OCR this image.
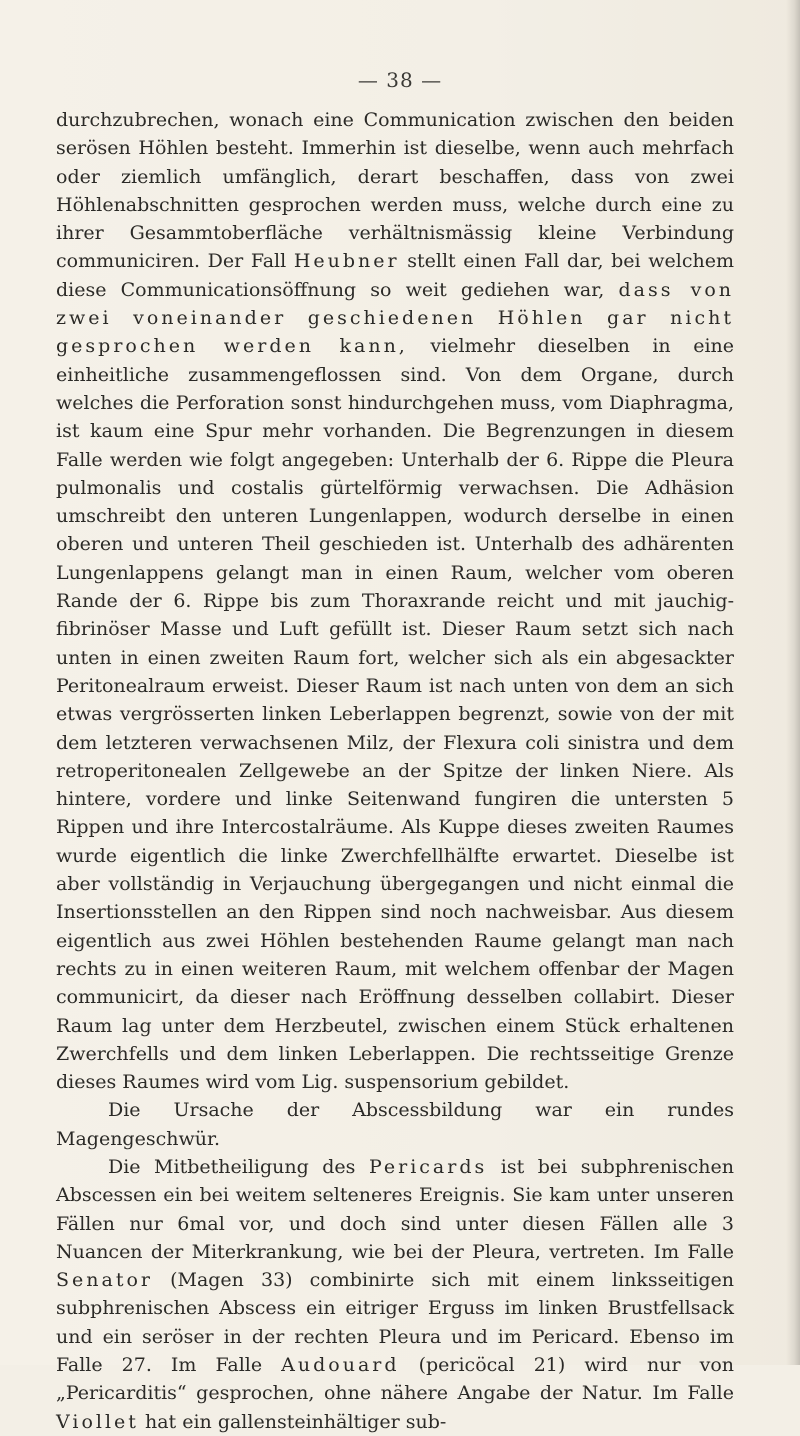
— 38 —

durchzubrechen, wonach eine Communication zwischen den beiden serösen Höhlen besteht. Immerhin ist dieselbe, wenn auch mehrfach oder ziemlich umfänglich, derart beschaffen, dass von zwei Höhlenabschnitten gesprochen werden muss, welche durch eine zu ihrer Gesammtoberfläche verhältnismässig kleine Verbindung communiciren. Der Fall Heubner stellt einen Fall dar, bei welchem diese Communicationsöffnung so weit gediehen war, dass von zwei voneinander geschiedenen Höhlen gar nicht gesprochen werden kann, vielmehr dieselben in eine einheitliche zusammengeflossen sind. Von dem Organe, durch welches die Perforation sonst hindurchgehen muss, vom Diaphragma, ist kaum eine Spur mehr vorhanden. Die Begrenzungen in diesem Falle werden wie folgt angegeben: Unterhalb der 6. Rippe die Pleura pulmonalis und costalis gürtelförmig verwachsen. Die Adhäsion umschreibt den unteren Lungenlappen, wodurch derselbe in einen oberen und unteren Theil geschieden ist. Unterhalb des adhärenten Lungenlappens gelangt man in einen Raum, welcher vom oberen Rande der 6. Rippe bis zum Thoraxrande reicht und mit jauchig-fibrinöser Masse und Luft gefüllt ist. Dieser Raum setzt sich nach unten in einen zweiten Raum fort, welcher sich als ein abgesackter Peritonealraum erweist. Dieser Raum ist nach unten von dem an sich etwas vergrösserten linken Leberlappen begrenzt, sowie von der mit dem letzteren verwachsenen Milz, der Flexura coli sinistra und dem retroperitonealen Zellgewebe an der Spitze der linken Niere. Als hintere, vordere und linke Seitenwand fungiren die untersten 5 Rippen und ihre Intercostalräume. Als Kuppe dieses zweiten Raumes wurde eigentlich die linke Zwerchfellhälfte erwartet. Dieselbe ist aber vollständig in Verjauchung übergegangen und nicht einmal die Insertionsstellen an den Rippen sind noch nachweisbar. Aus diesem eigentlich aus zwei Höhlen bestehenden Raume gelangt man nach rechts zu in einen weiteren Raum, mit welchem offenbar der Magen communicirt, da dieser nach Eröffnung desselben collabirt. Dieser Raum lag unter dem Herzbeutel, zwischen einem Stück erhaltenen Zwerchfells und dem linken Leberlappen. Die rechtsseitige Grenze dieses Raumes wird vom Lig. suspensorium gebildet.

Die Ursache der Abscessbildung war ein rundes Magengeschwür.

Die Mitbetheiligung des Pericards ist bei subphrenischen Abscessen ein bei weitem selteneres Ereignis. Sie kam unter unseren Fällen nur 6mal vor, und doch sind unter diesen Fällen alle 3 Nuancen der Miterkrankung, wie bei der Pleura, vertreten. Im Falle Senator (Magen 33) combinirte sich mit einem linksseitigen subphrenischen Abscess ein eitriger Erguss im linken Brustfellsack und ein seröser in der rechten Pleura und im Pericard. Ebenso im Falle 27. Im Falle Audouard (pericöcal 21) wird nur von „Pericarditis“ gesprochen, ohne nähere Angabe der Natur. Im Falle Viollet hat ein gallensteinhältiger sub-
